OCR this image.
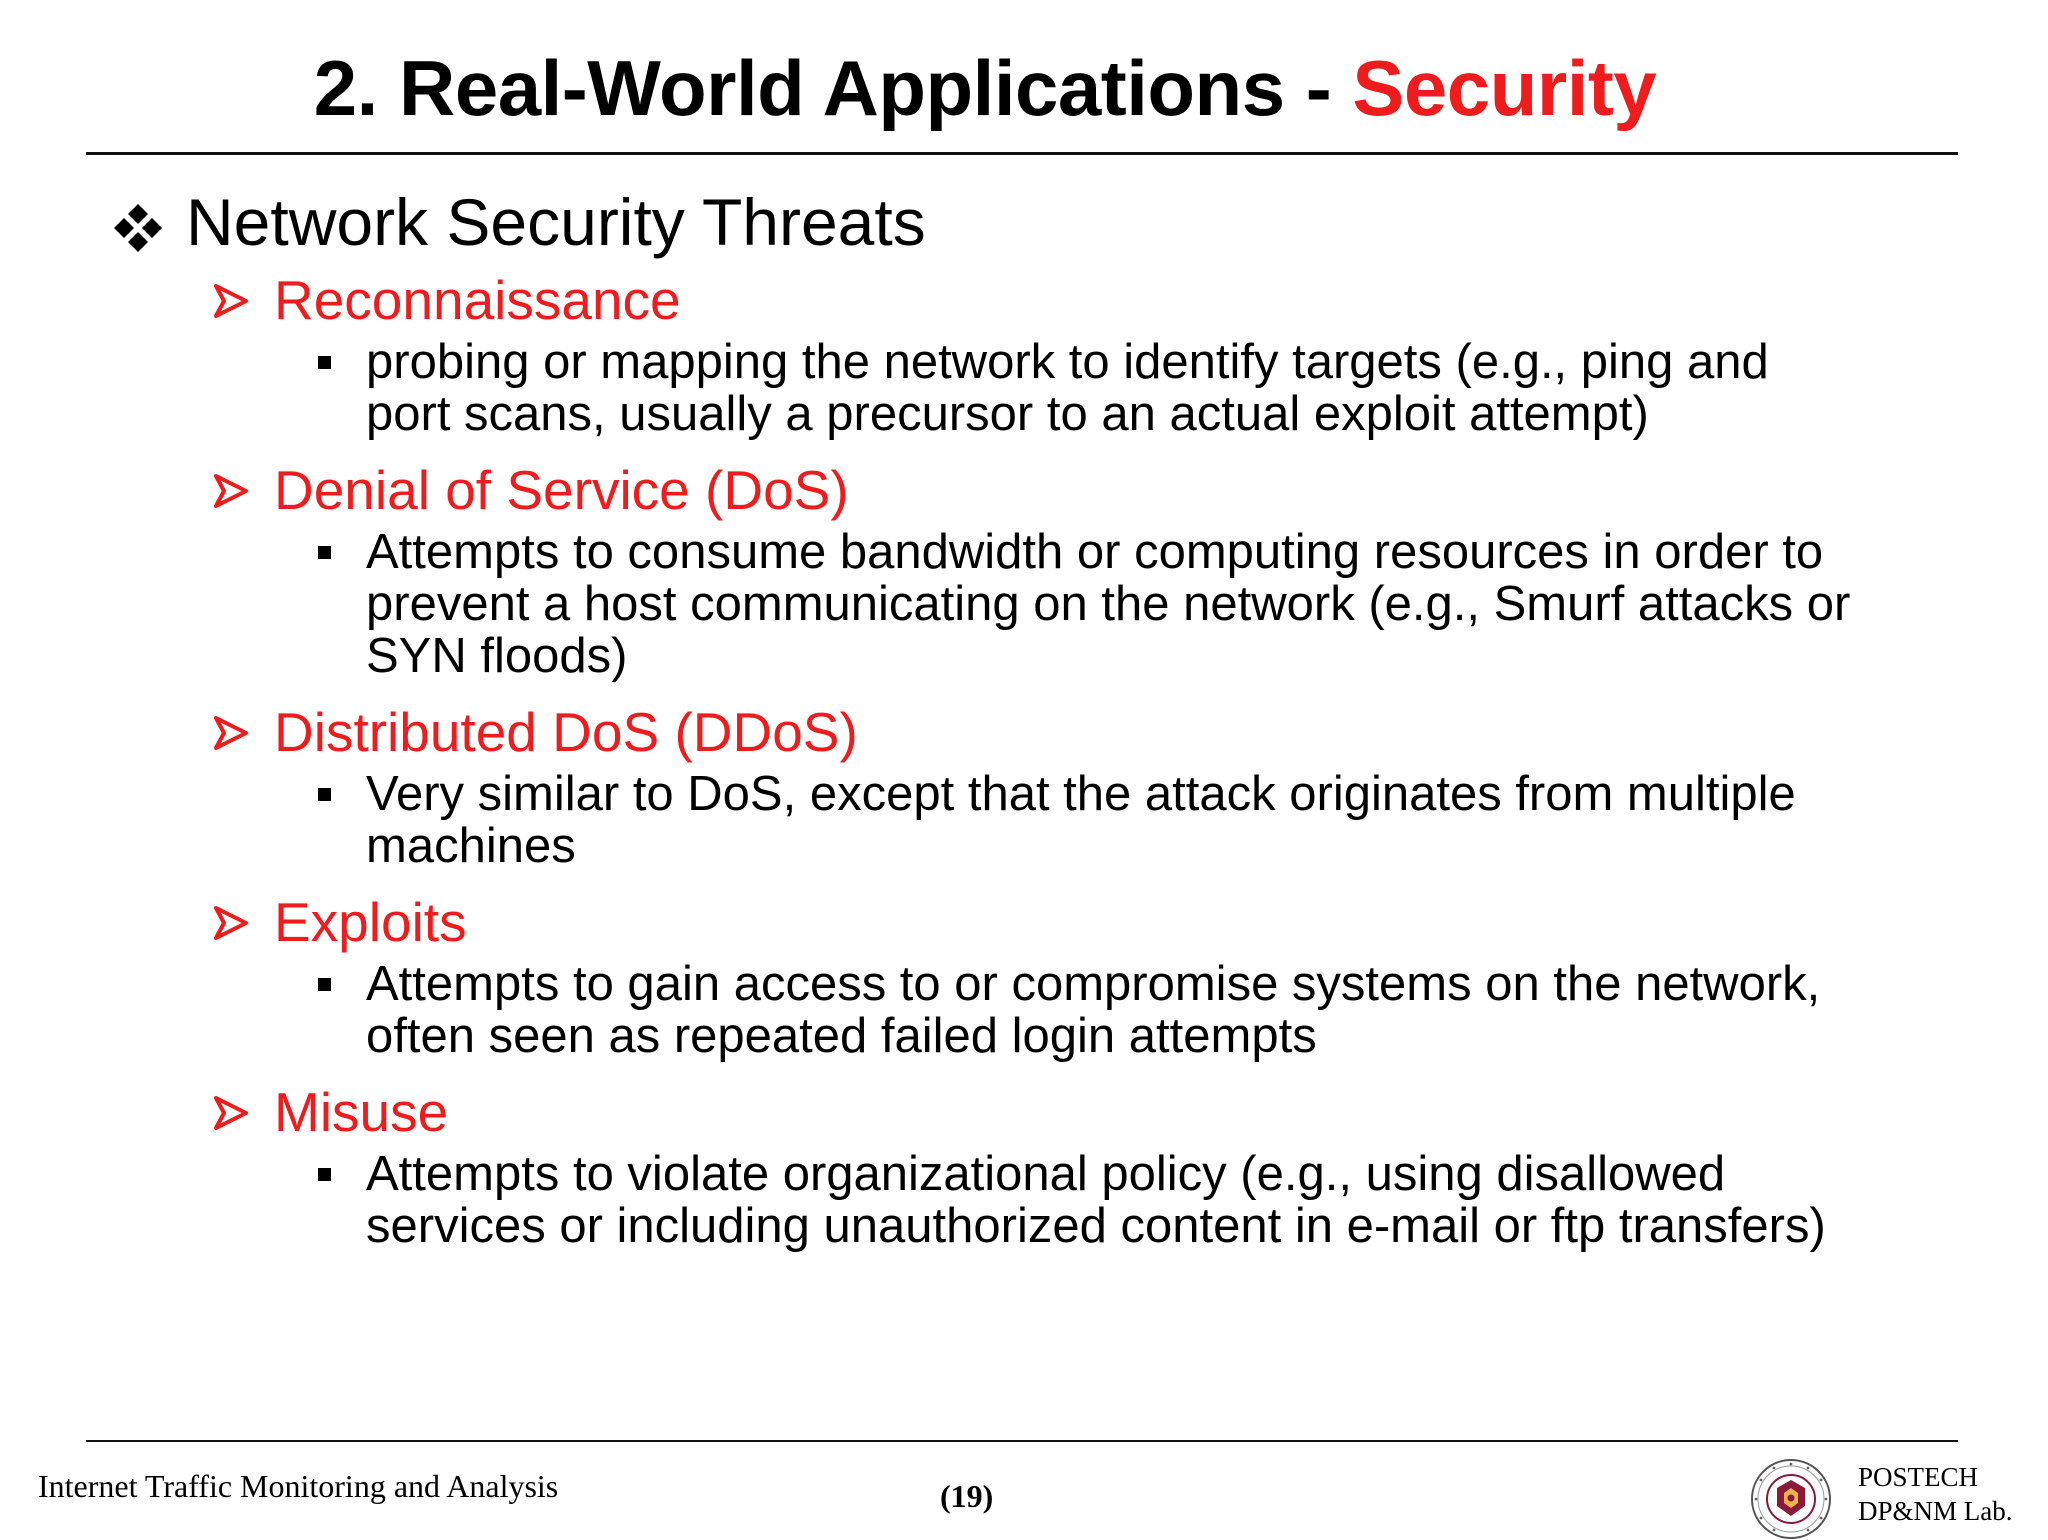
2. Real-World Applications - Security
Network Security Threats
Reconnaissance
probing or mapping the network to identify targets (e.g., ping and
port scans, usually a precursor to an actual exploit attempt)
Denial of Service (DoS)
Attempts to consume bandwidth or computing resources in order to
prevent a host communicating on the network (e.g., Smurf attacks or
SYN floods)
Distributed DoS (DDoS)
Very similar to DoS, except that the attack originates from multiple
machines
Exploits
Attempts to gain access to or compromise systems on the network,
often seen as repeated failed login attempts
Misuse
Attempts to violate organizational policy (e.g., using disallowed
services or including unauthorized content in e-mail or ftp transfers)
Internet Traffic Monitoring and Analysis	(19)
POSTECH
DP&NM Lab.
